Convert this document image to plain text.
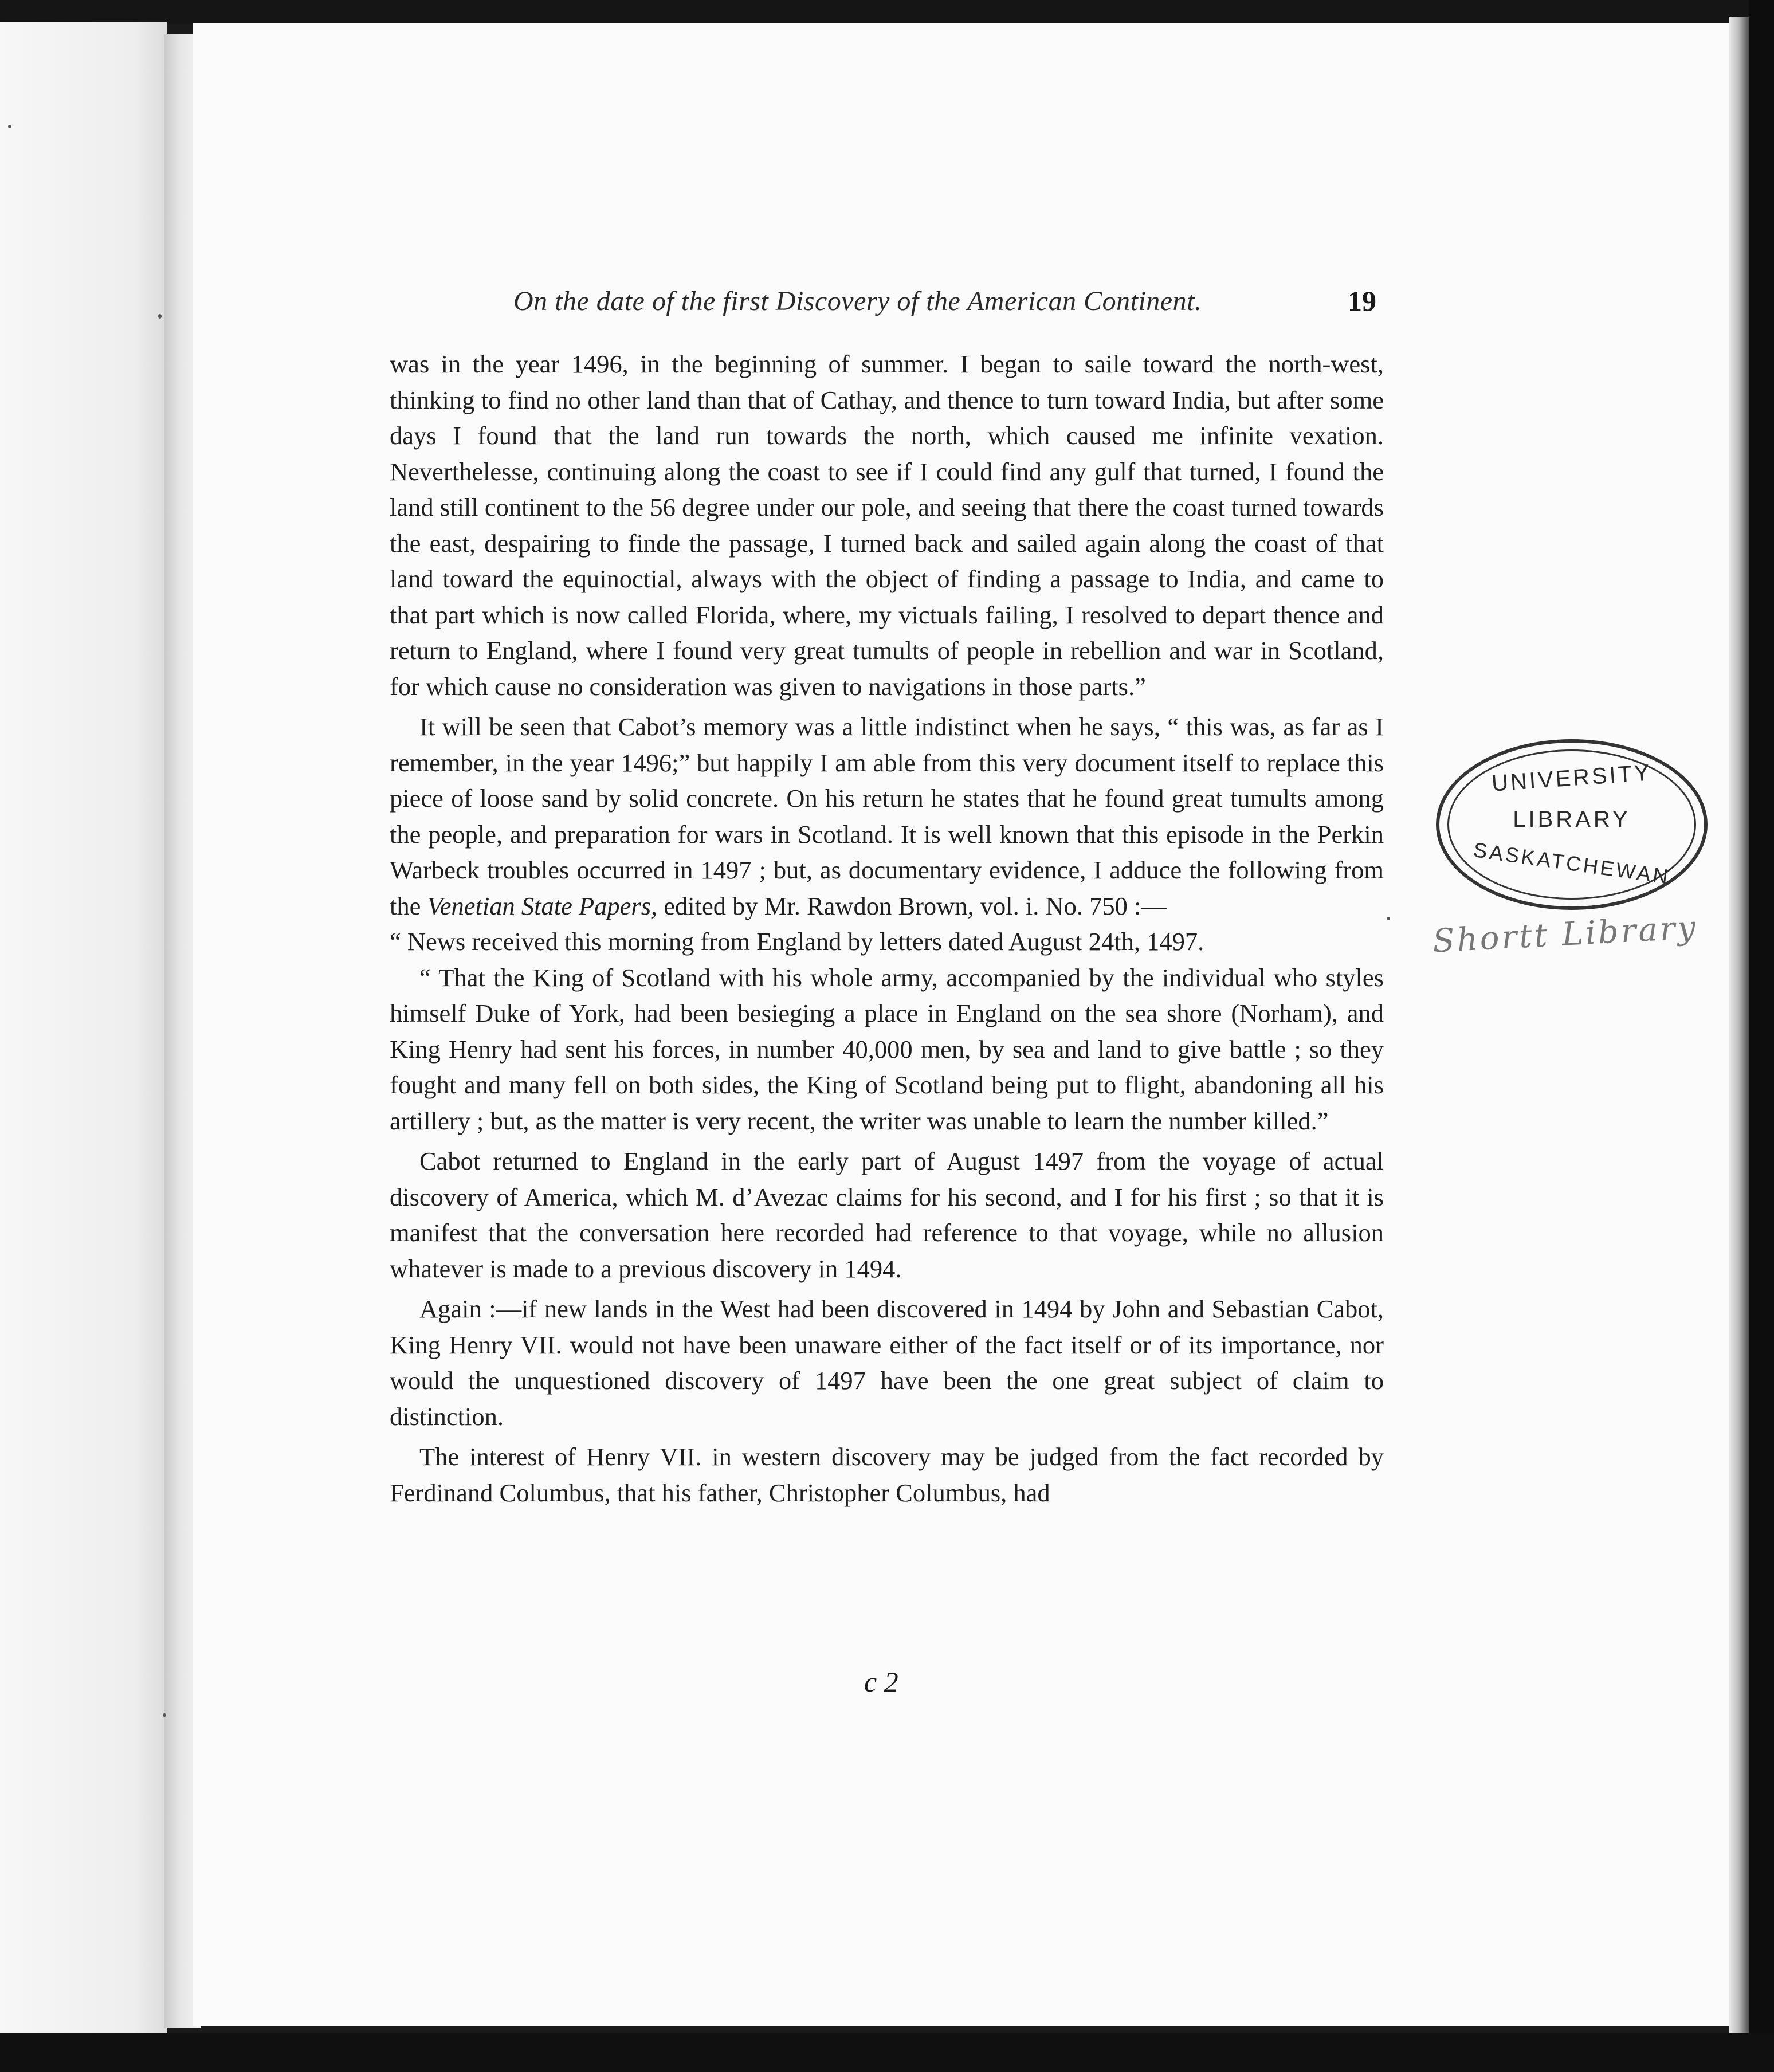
On the date of the first Discovery of the American Continent.	19

was in the year 1496, in the beginning of summer. I began to saile toward the north-west, thinking to find no other land than that of Cathay, and thence to turn toward India, but after some days I found that the land run towards the north, which caused me infinite vexation. Neverthelesse, continuing along the coast to see if I could find any gulf that turned, I found the land still continent to the 56 degree under our pole, and seeing that there the coast turned towards the east, despairing to finde the passage, I turned back and sailed again along the coast of that land toward the equinoctial, always with the object of finding a passage to India, and came to that part which is now called Florida, where, my victuals failing, I resolved to depart thence and return to England, where I found very great tumults of people in rebellion and war in Scotland, for which cause no consideration was given to navigations in those parts.”

It will be seen that Cabot’s memory was a little indistinct when he says, “ this was, as far as I remember, in the year 1496;” but happily I am able from this very document itself to replace this piece of loose sand by solid concrete. On his return he states that he found great tumults among the people, and preparation for wars in Scotland. It is well known that this episode in the Perkin Warbeck troubles occurred in 1497 ; but, as documentary evidence, I adduce the following from the Venetian State Papers, edited by Mr. Rawdon Brown, vol. i. No. 750 :—

“ News received this morning from England by letters dated August 24th, 1497.

“ That the King of Scotland with his whole army, accompanied by the individual who styles himself Duke of York, had been besieging a place in England on the sea shore (Norham), and King Henry had sent his forces, in number 40,000 men, by sea and land to give battle ; so they fought and many fell on both sides, the King of Scotland being put to flight, abandoning all his artillery ; but, as the matter is very recent, the writer was unable to learn the number killed.”

Cabot returned to England in the early part of August 1497 from the voyage of actual discovery of America, which M. d’Avezac claims for his second, and I for his first ; so that it is manifest that the conversation here recorded had reference to that voyage, while no allusion whatever is made to a previous discovery in 1494.

Again :—if new lands in the West had been discovered in 1494 by John and Sebastian Cabot, King Henry VII. would not have been unaware either of the fact itself or of its importance, nor would the unquestioned discovery of 1497 have been the one great subject of claim to distinction.

The interest of Henry VII. in western discovery may be judged from the fact recorded by Ferdinand Columbus, that his father, Christopher Columbus, had

c 2
UNIVERSITY
LIBRARY
SASKATCHEWAN
Shortt Library
